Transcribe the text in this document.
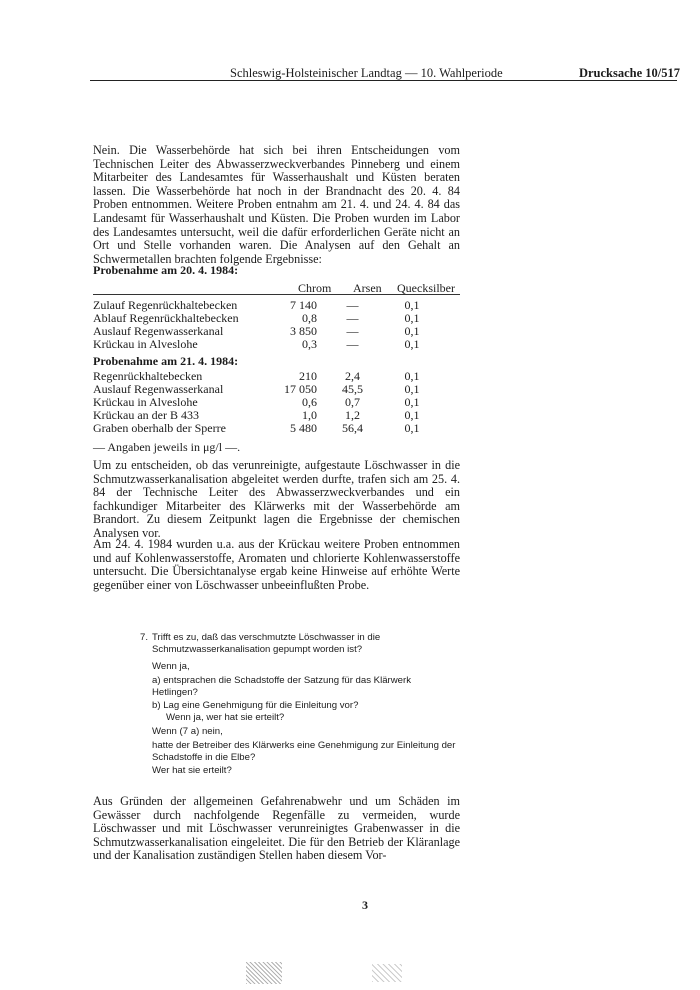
Schleswig-Holsteinischer Landtag — 10. Wahlperiode	Drucksache 10/517
Nein. Die Wasserbehörde hat sich bei ihren Entscheidungen vom Technischen Leiter des Abwasserzweckverbandes Pinneberg und einem Mitarbeiter des Landesamtes für Wasserhaushalt und Küsten beraten lassen. Die Wasserbehörde hat noch in der Brandnacht des 20. 4. 84 Proben entnommen. Weitere Proben entnahm am 21. 4. und 24. 4. 84 das Landesamt für Wasserhaushalt und Küsten. Die Proben wurden im Labor des Landesamtes untersucht, weil die dafür erforderlichen Geräte nicht an Ort und Stelle vorhanden waren. Die Analysen auf den Gehalt an Schwermetallen brachten folgende Ergebnisse:
Probenahme am 20. 4. 1984:
Chrom Arsen Quecksilber
Zulauf Regenrückhaltebecken	7 140	—	0,1
Ablauf Regenrückhaltebecken	0,8	—	0,1
Auslauf Regenwasserkanal	3 850	—	0,1
Krückau in Alveslohe	0,3	—	0,1
Probenahme am 21. 4. 1984:
Regenrückhaltebecken	210	2,4	0,1
Auslauf Regenwasserkanal	17 050	45,5	0,1
Krückau in Alveslohe	0,6	0,7	0,1
Krückau an der B 433	1,0	1,2	0,1
Graben oberhalb der Sperre	5 480	56,4	0,1
— Angaben jeweils in μg/l —.
Um zu entscheiden, ob das verunreinigte, aufgestaute Löschwasser in die Schmutzwasserkanalisation abgeleitet werden durfte, trafen sich am 25. 4. 84 der Technische Leiter des Abwasserzweckverbandes und ein fachkundiger Mitarbeiter des Klärwerks mit der Wasserbehörde am Brandort. Zu diesem Zeitpunkt lagen die Ergebnisse der chemischen Analysen vor.
Am 24. 4. 1984 wurden u.a. aus der Krückau weitere Proben entnommen und auf Kohlenwasserstoffe, Aromaten und chlorierte Kohlenwasserstoffe untersucht. Die Übersichtanalyse ergab keine Hinweise auf erhöhte Werte gegenüber einer von Löschwasser unbeeinflußten Probe.
7. Trifft es zu, daß das verschmutzte Löschwasser in die Schmutzwasserkanalisation gepumpt worden ist?
Wenn ja,
a) entsprachen die Schadstoffe der Satzung für das Klärwerk Hetlingen?
b) Lag eine Genehmigung für die Einleitung vor?
Wenn ja, wer hat sie erteilt?
Wenn (7 a) nein,
hatte der Betreiber des Klärwerks eine Genehmigung zur Einleitung der Schadstoffe in die Elbe?
Wer hat sie erteilt?
Aus Gründen der allgemeinen Gefahrenabwehr und um Schäden im Gewässer durch nachfolgende Regenfälle zu vermeiden, wurde Löschwasser und mit Löschwasser verunreinigtes Grabenwasser in die Schmutzwasserkanalisation eingeleitet. Die für den Betrieb der Kläranlage und der Kanalisation zuständigen Stellen haben diesem Vor-
3
